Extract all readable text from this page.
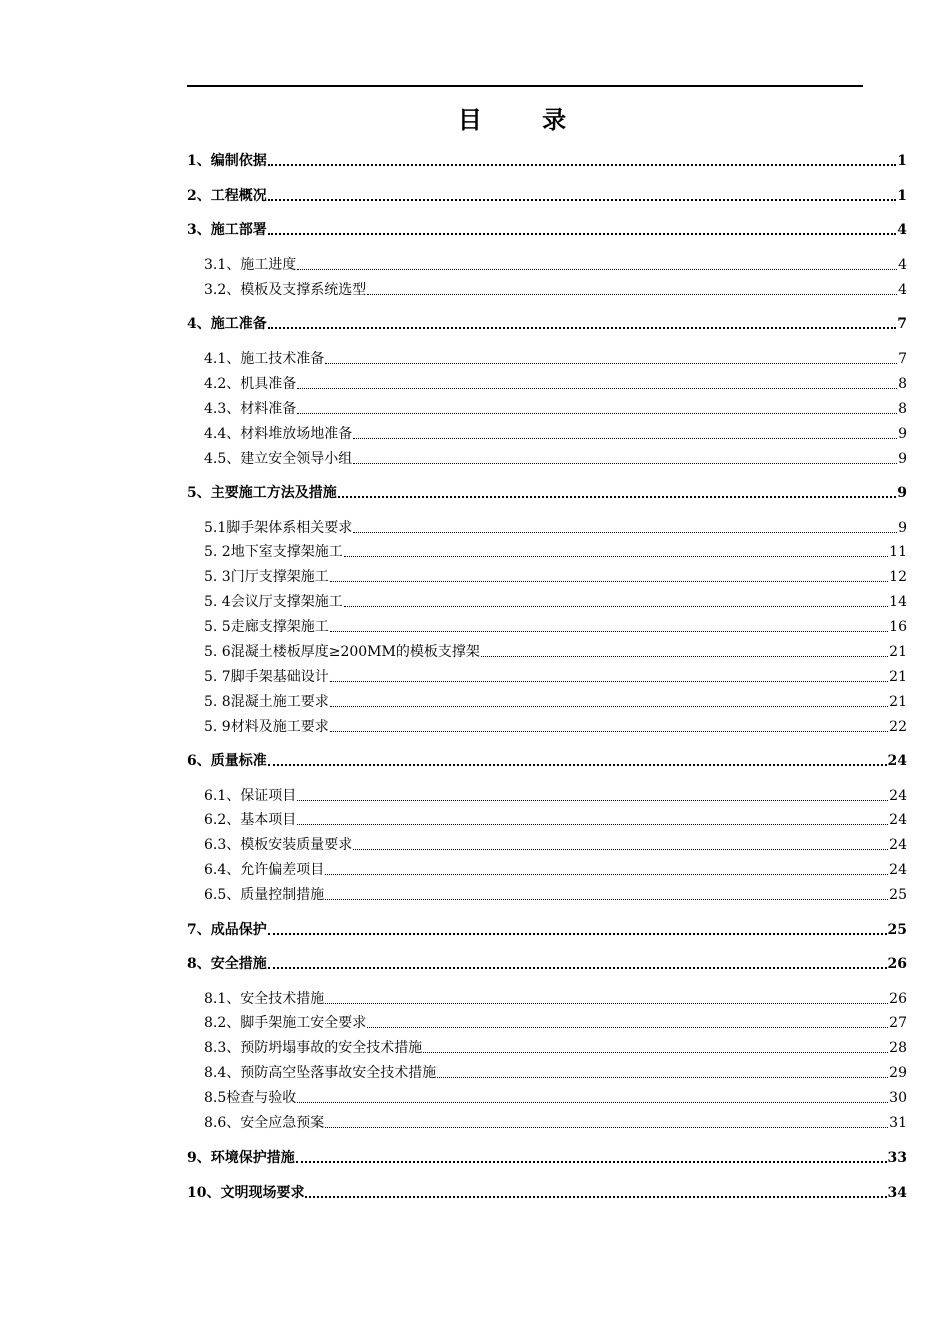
目 录
1、编制依据	1
2、工程概况	1
3、施工部署	4
3.1、施工进度	4
3.2、模板及支撑系统选型	4
4、施工准备	7
4.1、施工技术准备	7
4.2、机具准备	8
4.3、材料准备	8
4.4、材料堆放场地准备	9
4.5、建立安全领导小组	9
5、主要施工方法及措施	9
5.1脚手架体系相关要求	9
5. 2地下室支撑架施工	11
5. 3门厅支撑架施工	12
5. 4会议厅支撑架施工	14
5. 5走廊支撑架施工	16
5. 6混凝土楼板厚度≥200MM的模板支撑架	21
5. 7脚手架基础设计	21
5. 8混凝土施工要求	21
5. 9材料及施工要求	22
6、质量标准	24
6.1、保证项目	24
6.2、基本项目	24
6.3、模板安装质量要求	24
6.4、允许偏差项目	24
6.5、质量控制措施	25
7、成品保护	25
8、安全措施	26
8.1、安全技术措施	26
8.2、脚手架施工安全要求	27
8.3、预防坍塌事故的安全技术措施	28
8.4、预防高空坠落事故安全技术措施	29
8.5检查与验收	30
8.6、安全应急预案	31
9、环境保护措施	33
10、文明现场要求	34
